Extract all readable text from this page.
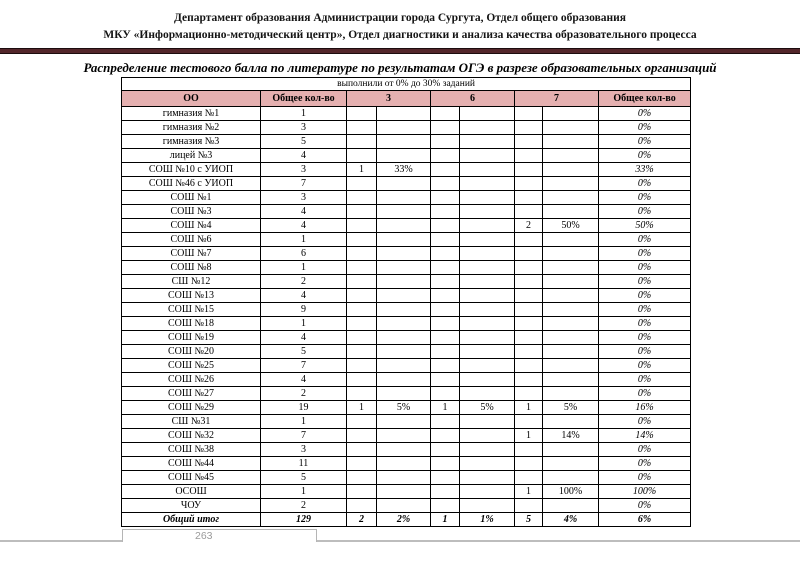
Департамент образования Администрации города Сургута, Отдел общего образования
МКУ «Информационно-методический центр», Отдел диагностики и анализа качества образовательного процесса
Распределение тестового балла по литературе по результатам ОГЭ в разрезе образовательных организаций
выполнили от 0% до 30% заданий								
ОО	Общее кол-во	3		6		7		Общее кол-во
гимназия №1	1							0%
гимназия №2	3							0%
гимназия №3	5							0%
лицей №3	4							0%
СОШ №10 с УИОП	3	1	33%					33%
СОШ №46 с УИОП	7							0%
СОШ №1	3							0%
СОШ №3	4							0%
СОШ №4	4					2	50%	50%
СОШ №6	1							0%
СОШ №7	6							0%
СОШ №8	1							0%
СШ №12	2							0%
СОШ №13	4							0%
СОШ №15	9							0%
СОШ №18	1							0%
СОШ №19	4							0%
СОШ №20	5							0%
СОШ №25	7							0%
СОШ №26	4							0%
СОШ №27	2							0%
СОШ №29	19	1	5%	1	5%	1	5%	16%
СШ №31	1							0%
СОШ №32	7					1	14%	14%
СОШ №38	3							0%
СОШ №44	11							0%
СОШ №45	5							0%
ОСОШ	1					1	100%	100%
ЧОУ	2							0%
Общий итог	129	2	2%	1	1%	5	4%	6%
263
